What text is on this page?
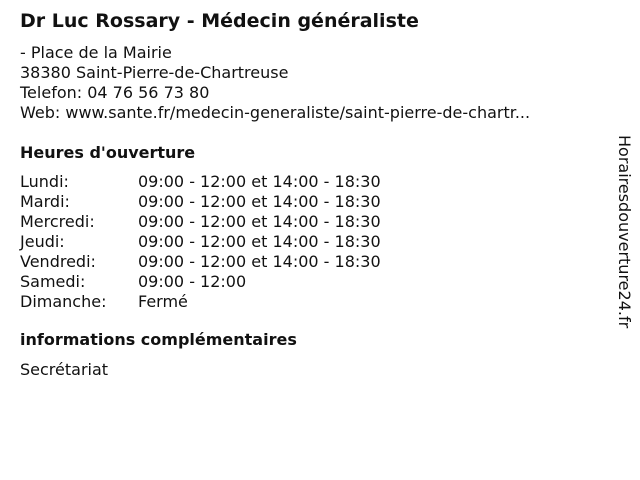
Dr Luc Rossary - Médecin généraliste
- Place de la Mairie
38380 Saint-Pierre-de-Chartreuse
Telefon: 04 76 56 73 80
Web: www.sante.fr/medecin-generaliste/saint-pierre-de-chartr...
Heures d'ouverture
Lundi:	09:00 - 12:00 et 14:00 - 18:30
Mardi:	09:00 - 12:00 et 14:00 - 18:30
Mercredi:	09:00 - 12:00 et 14:00 - 18:30
Jeudi:	09:00 - 12:00 et 14:00 - 18:30
Vendredi:	09:00 - 12:00 et 14:00 - 18:30
Samedi:	09:00 - 12:00
Dimanche: Fermé
informations complémentaires
Secrétariat
Horairesdouverture24.fr
